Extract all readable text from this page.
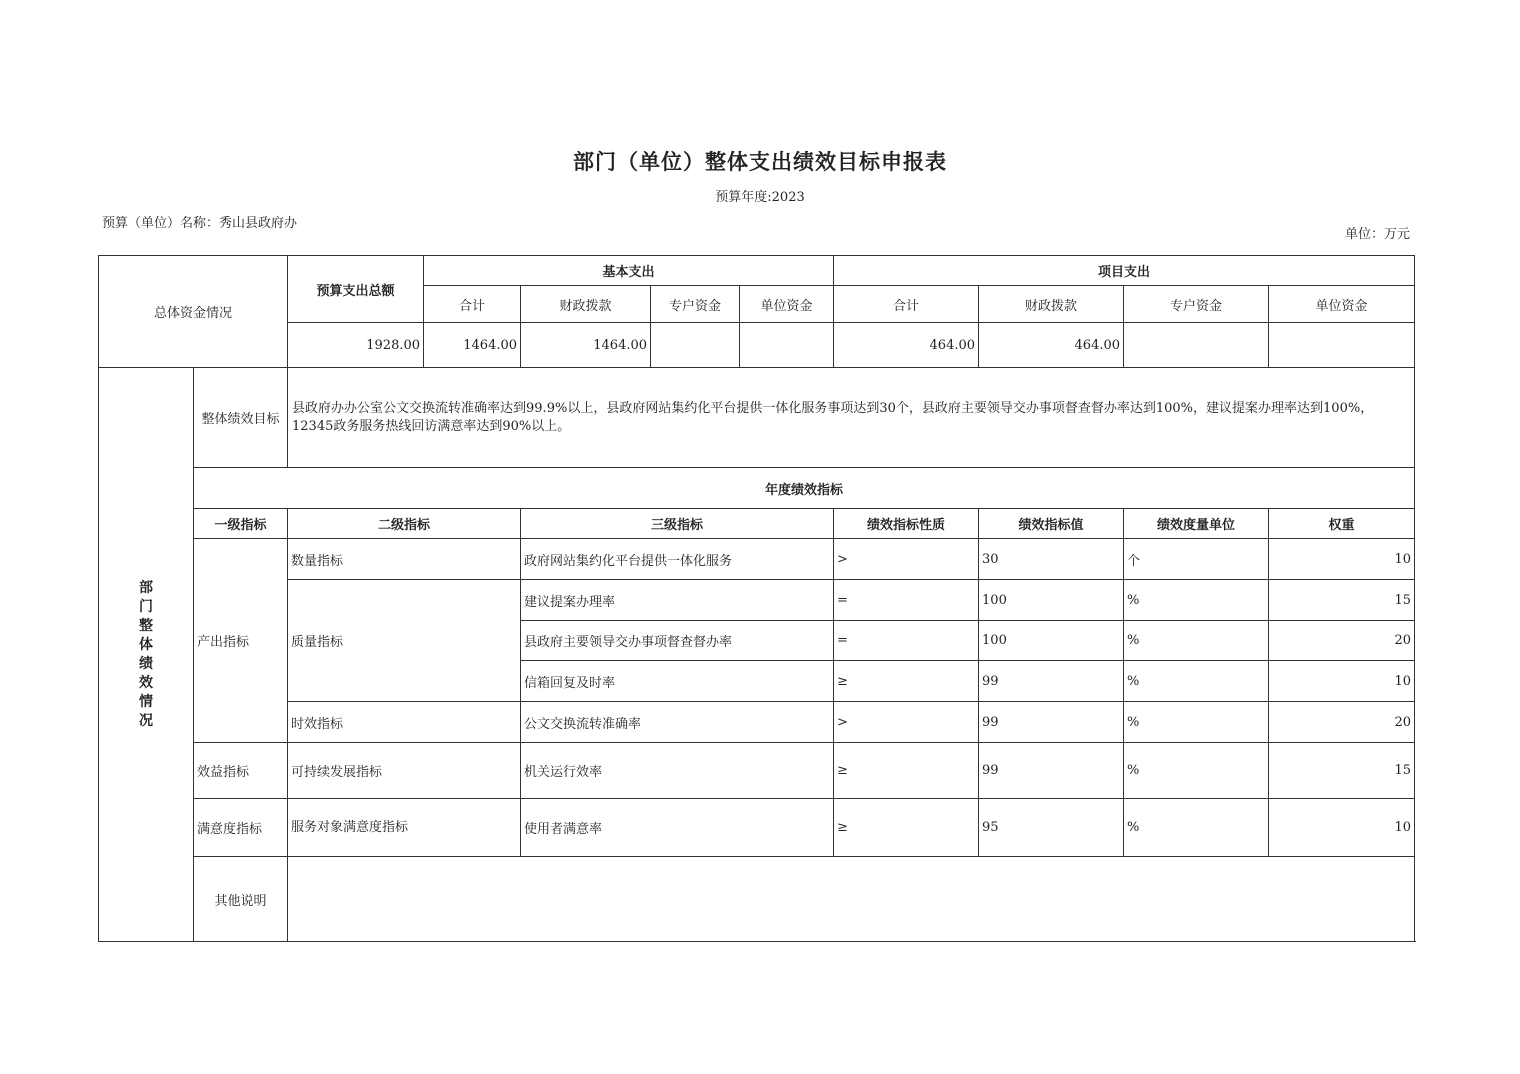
部门（单位）整体支出绩效目标申报表
预算年度:2023
预算（单位）名称：秀山县政府办
单位：万元
总体资金情况		预算支出总额	基本支出				项目支出			
			合计	财政拨款	专户资金	单位资金	合计	财政拨款	专户资金	单位资金
		1928.00	1464.00	1464.00			464.00	464.00		

部门整体绩效情况	整体绩效目标	县政府办办公室公文交换流转准确率达到99.9%以上，县政府网站集约化平台提供一体化服务事项达到30个，县政府主要领导交办事项督查督办率达到100%，建议提案办理率达到100%，12345政务服务热线回访满意率达到90%以上。								
	年度绩效指标									
	一级指标	二级指标		三级指标			绩效指标性质	绩效指标值	绩效度量单位	权重
	产出指标	数量指标		政府网站集约化平台提供一体化服务			>	30	个	10
		质量指标		建议提案办理率			=	100	%	15
				县政府主要领导交办事项督查督办率			=	100	%	20
				信箱回复及时率			≥	99	%	10
		时效指标		公文交换流转准确率			>	99	%	20
	效益指标	可持续发展指标		机关运行效率			≥	99	%	15
	满意度指标	服务对象满意度指标		使用者满意率			≥	95	%	10
	其他说明									
